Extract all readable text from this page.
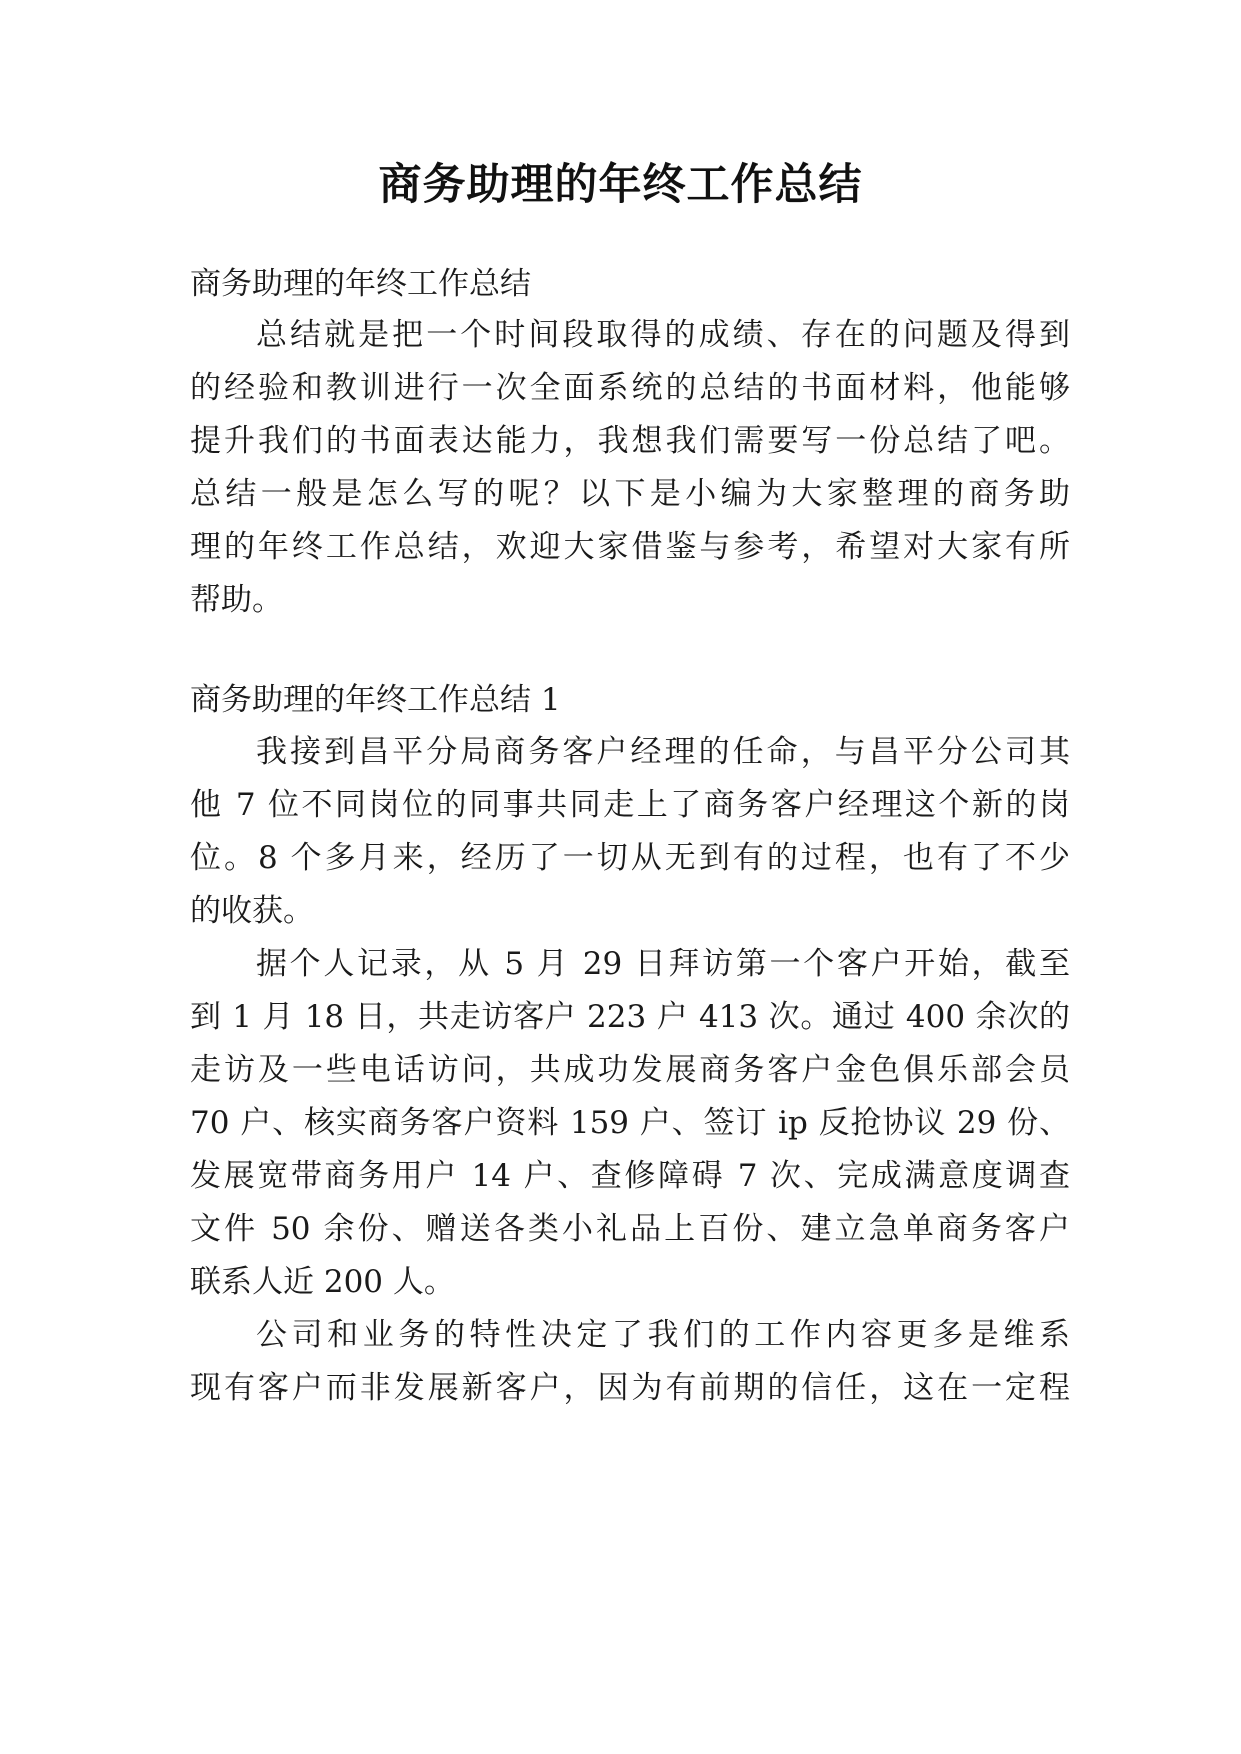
商务助理的年终工作总结

商务助理的年终工作总结

总结就是把一个时间段取得的成绩、存在的问题及得到

的经验和教训进行一次全面系统的总结的书面材料，他能够

提升我们的书面表达能力，我想我们需要写一份总结了吧。

总结一般是怎么写的呢？以下是小编为大家整理的商务助

理的年终工作总结，欢迎大家借鉴与参考，希望对大家有所

帮助。

商务助理的年终工作总结 1

我接到昌平分局商务客户经理的任命，与昌平分公司其

他 7 位不同岗位的同事共同走上了商务客户经理这个新的岗

位。8 个多月来，经历了一切从无到有的过程，也有了不少

的收获。

据个人记录，从 5 月 29 日拜访第一个客户开始，截至

到 1 月 18 日，共走访客户 223 户 413 次。通过 400 余次的

走访及一些电话访问，共成功发展商务客户金色俱乐部会员

70 户、核实商务客户资料 159 户、签订 ip 反抢协议 29 份、

发展宽带商务用户 14 户、查修障碍 7 次、完成满意度调查

文件 50 余份、赠送各类小礼品上百份、建立急单商务客户

联系人近 200 人。

公司和业务的特性决定了我们的工作内容更多是维系

现有客户而非发展新客户，因为有前期的信任，这在一定程
